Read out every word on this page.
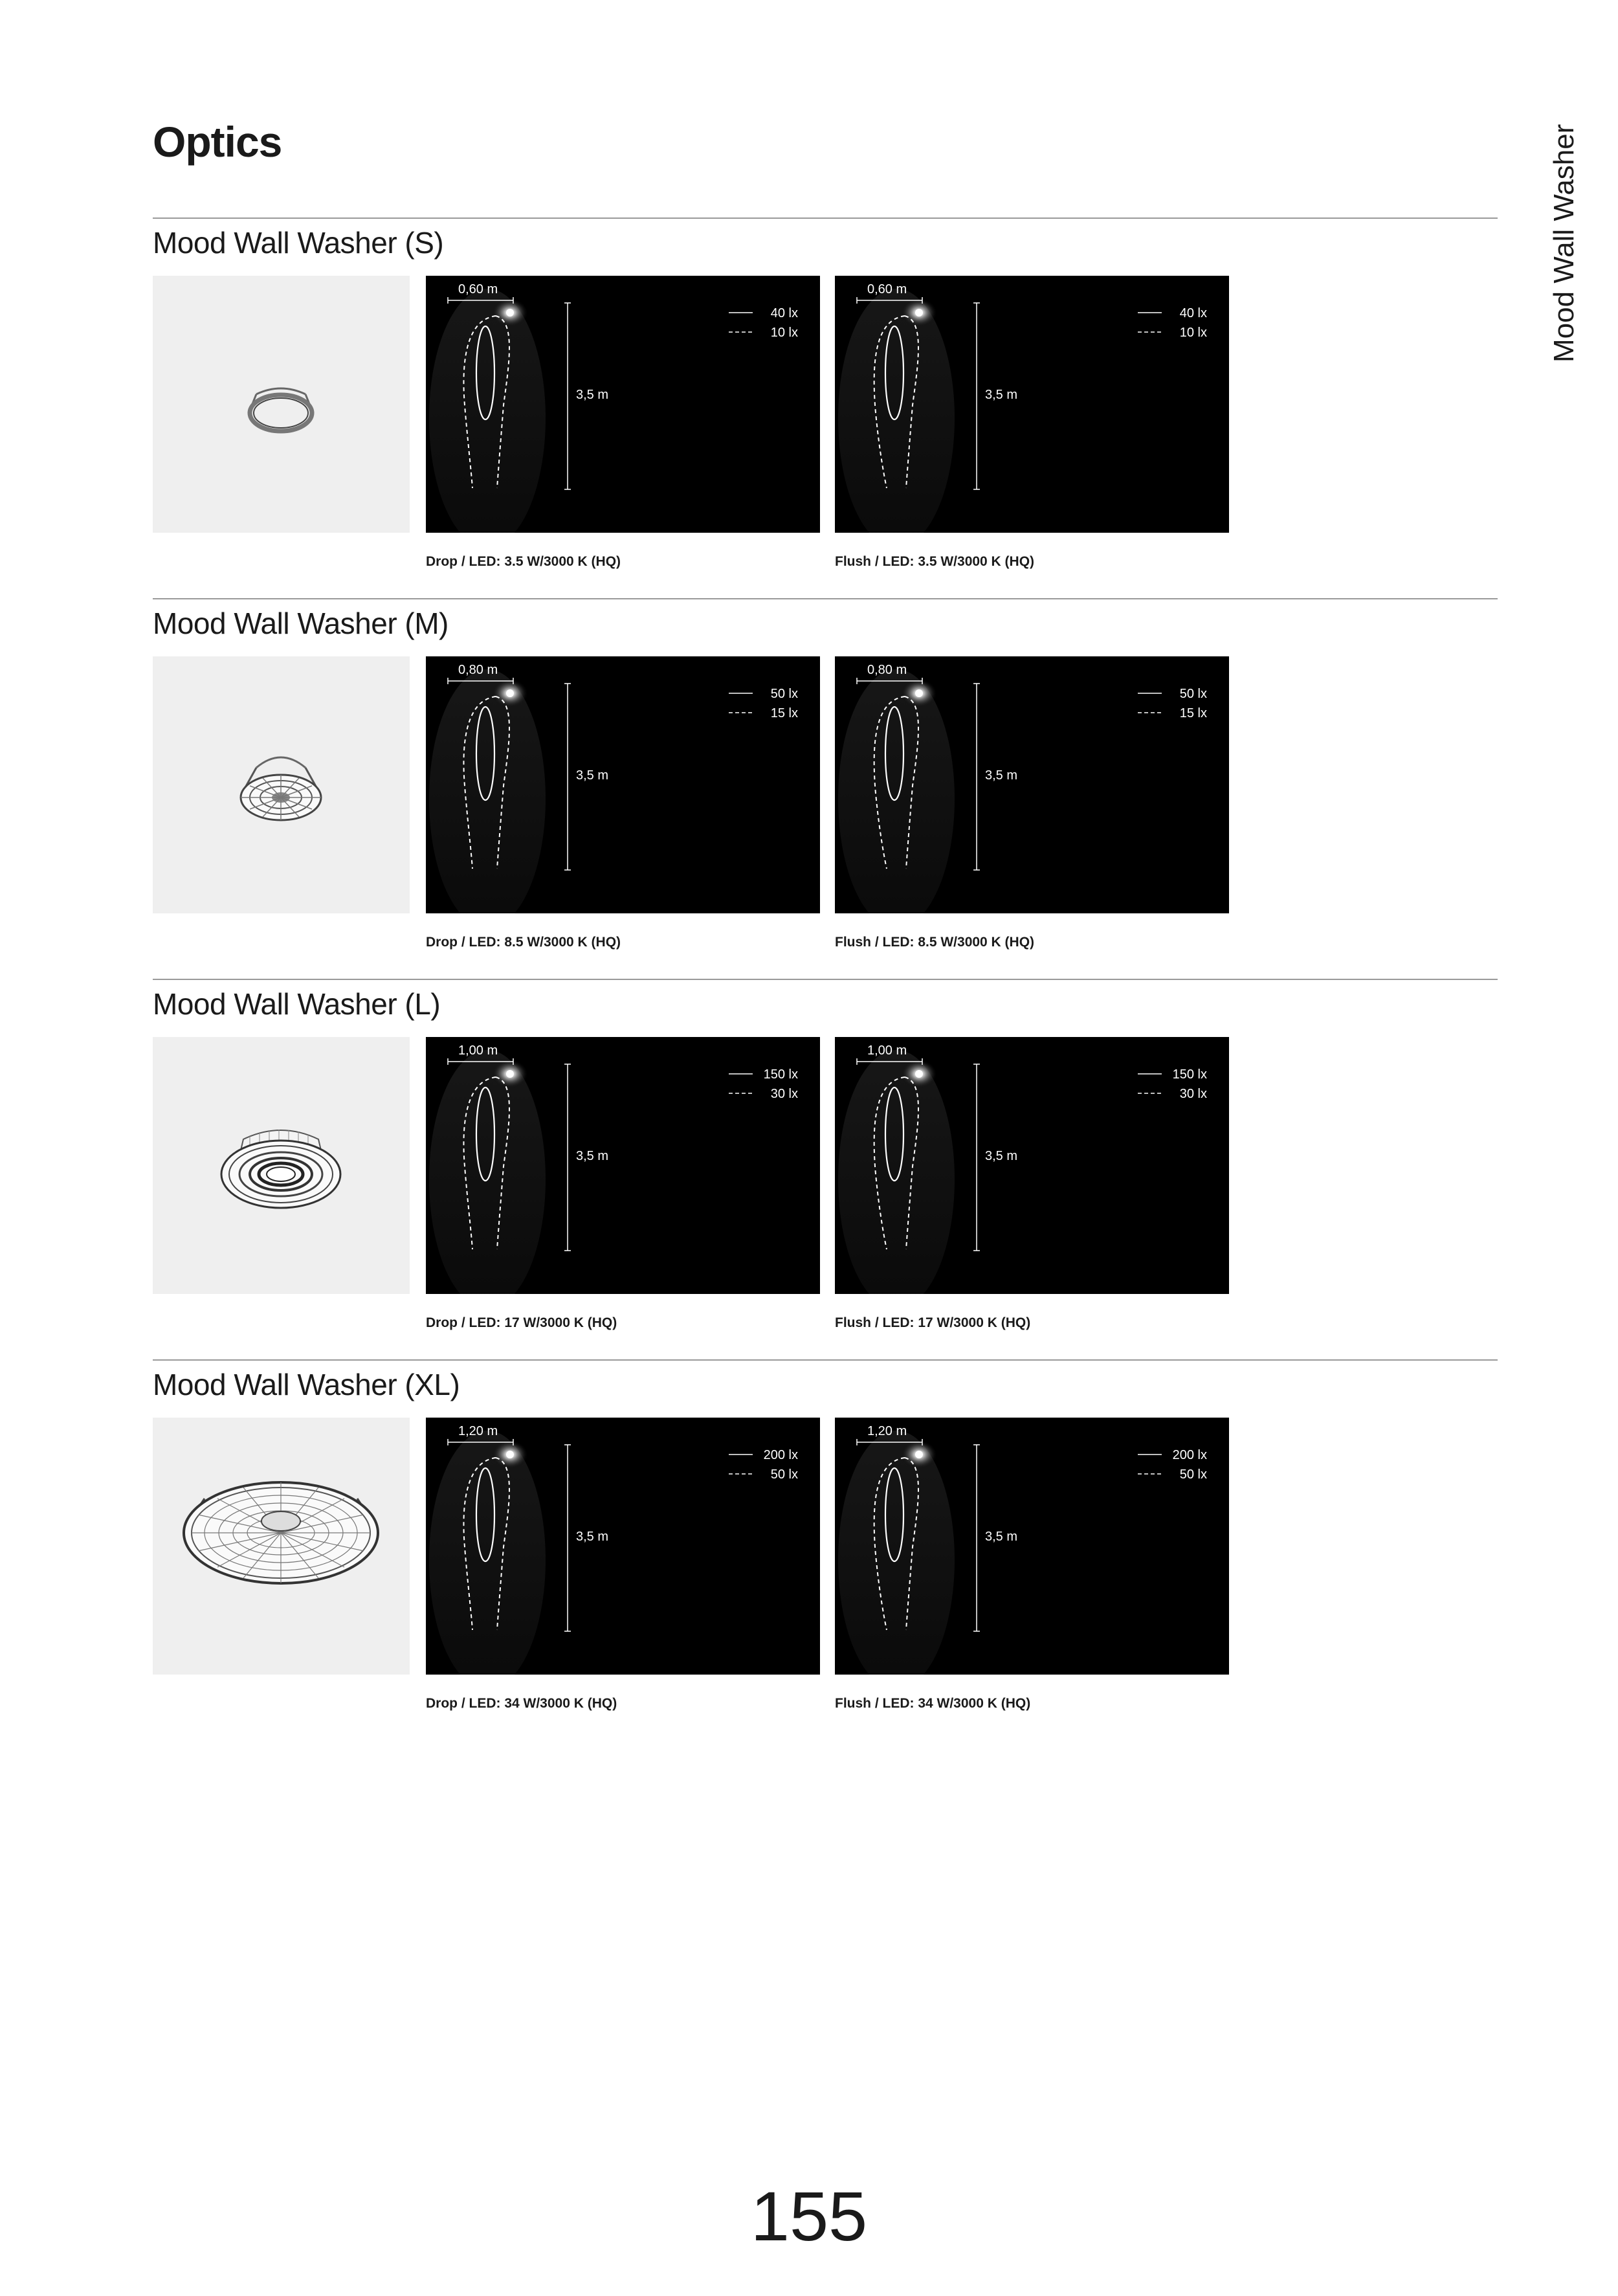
Optics	Mood Wall Washer
Mood Wall Washer (S)
0,60 m
3,5 m
40 lx
10 lx
0,60 m
3,5 m
40 lx
10 lx
Drop / LED: 3.5 W/3000 K (HQ)	Flush / LED: 3.5 W/3000 K (HQ)
Mood Wall Washer (M)
0,80 m
3,5 m
50 lx
15 lx
0,80 m
3,5 m
50 lx
15 lx
Drop / LED: 8.5 W/3000 K (HQ)	Flush / LED: 8.5 W/3000 K (HQ)
Mood Wall Washer (L)
1,00 m
3,5 m
150 lx
30 lx
1,00 m
3,5 m
150 lx
30 lx
Drop / LED: 17 W/3000 K (HQ)	Flush / LED: 17 W/3000 K (HQ)
Mood Wall Washer (XL)
1,20 m
3,5 m
200 lx
50 lx
1,20 m
3,5 m
200 lx
50 lx
Drop / LED: 34 W/3000 K (HQ)	Flush / LED: 34 W/3000 K (HQ)
155
